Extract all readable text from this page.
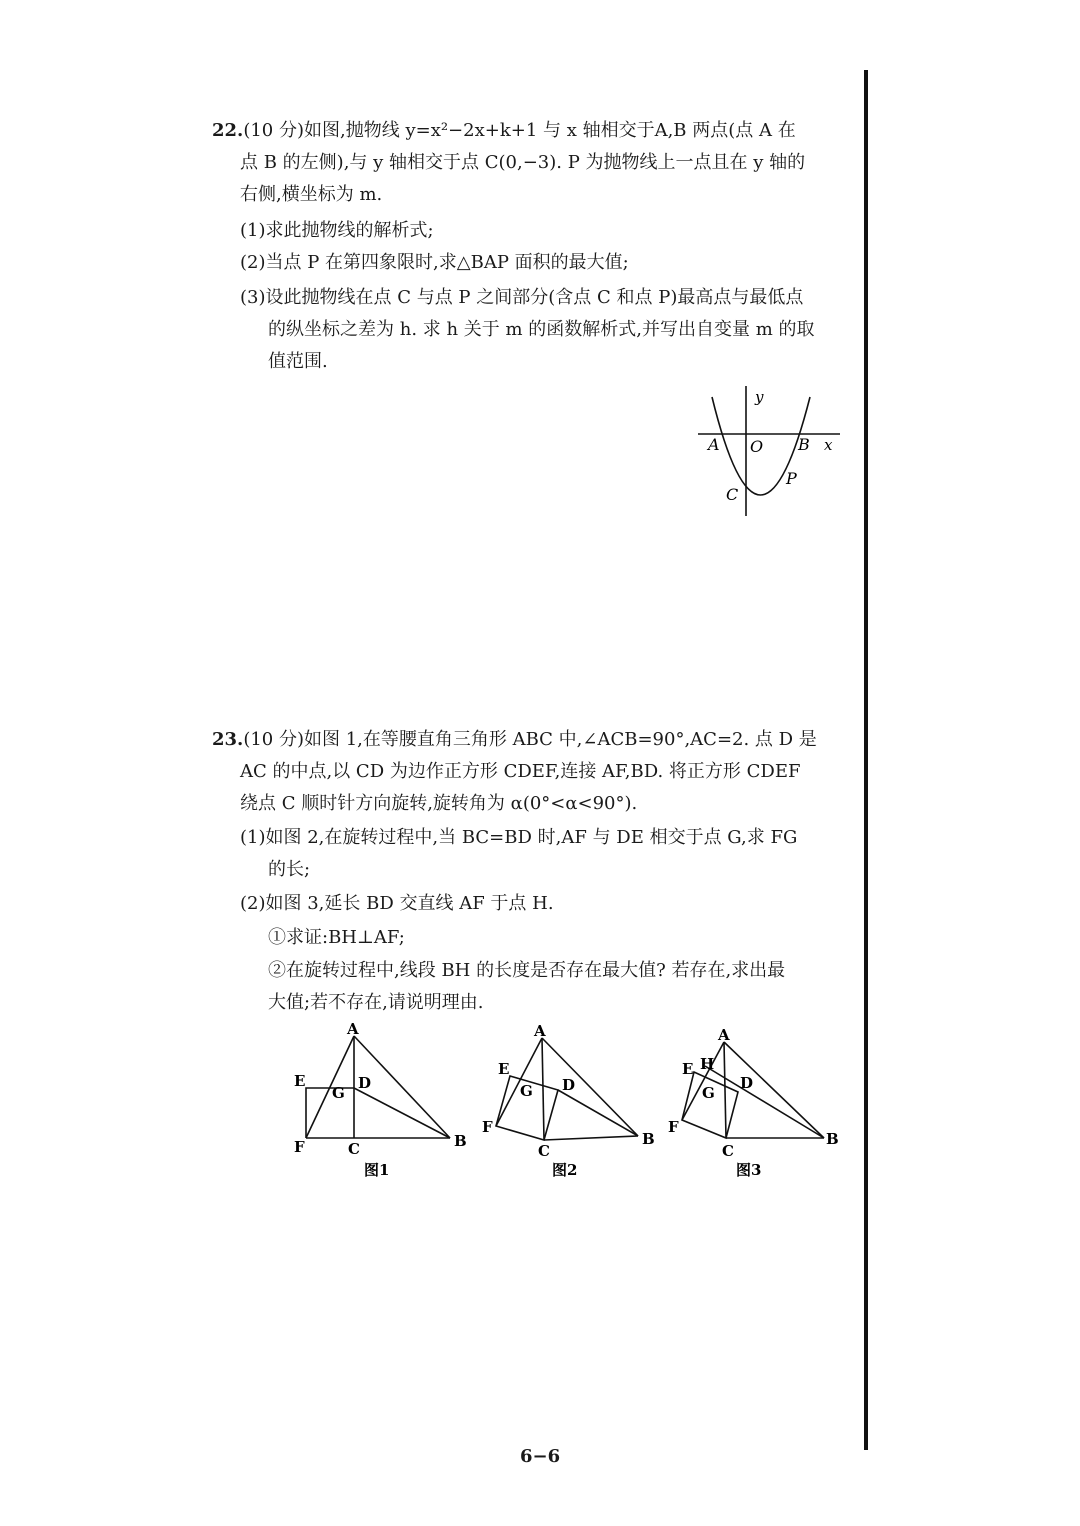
22.(10 分)如图,抛物线 y=x²−2x+k+1 与 x 轴相交于A,B 两点(点 A 在
点 B 的左侧),与 y 轴相交于点 C(0,−3). P 为抛物线上一点且在 y 轴的
右侧,横坐标为 m.
(1)求此抛物线的解析式;
(2)当点 P 在第四象限时,求△BAP 面积的最大值;
(3)设此抛物线在点 C 与点 P 之间部分(含点 C 和点 P)最高点与最低点
的纵坐标之差为 h. 求 h 关于 m 的函数解析式,并写出自变量 m 的取
值范围.
y
x
A O B
C
P
23.(10 分)如图 1,在等腰直角三角形 ABC 中,∠ACB=90°,AC=2. 点 D 是
AC 的中点,以 CD 为边作正方形 CDEF,连接 AF,BD. 将正方形 CDEF
绕点 C 顺时针方向旋转,旋转角为 α(0°<α<90°).
(1)如图 2,在旋转过程中,当 BC=BD 时,AF 与 DE 相交于点 G,求 FG
的长;
(2)如图 3,延长 BD 交直线 AF 于点 H.
①求证:BH⊥AF;
②在旋转过程中,线段 BH 的长度是否存在最大值? 若存在,求出最
大值;若不存在,请说明理由.
A
E	D
G
F	C	B
图1
A
E
D
G
F
C
B
图2
A
H
E
D
G
F
C
B
图3
6−6
